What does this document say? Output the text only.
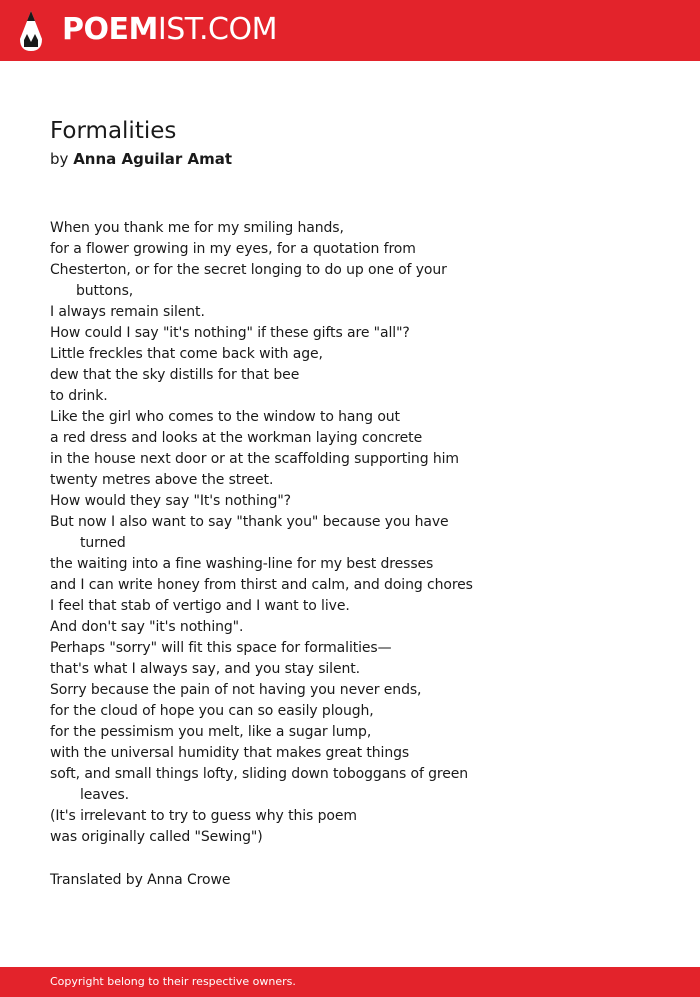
POEMIST.COM
Formalities
by Anna Aguilar Amat
When you thank me for my smiling hands,
for a flower growing in my eyes, for a quotation from
Chesterton, or for the secret longing to do up one of your
buttons,
I always remain silent.
How could I say "it's nothing" if these gifts are "all"?
Little freckles that come back with age,
dew that the sky distills for that bee
to drink.
Like the girl who comes to the window to hang out
a red dress and looks at the workman laying concrete
in the house next door or at the scaffolding supporting him
twenty metres above the street.
How would they say "It's nothing"?
But now I also want to say "thank you" because you have
turned
the waiting into a fine washing-line for my best dresses
and I can write honey from thirst and calm, and doing chores
I feel that stab of vertigo and I want to live.
And don't say "it's nothing".
Perhaps "sorry" will fit this space for formalities—
that's what I always say, and you stay silent.
Sorry because the pain of not having you never ends,
for the cloud of hope you can so easily plough,
for the pessimism you melt, like a sugar lump,
with the universal humidity that makes great things
soft, and small things lofty, sliding down toboggans of green
leaves.
(It's irrelevant to try to guess why this poem
was originally called "Sewing")
Translated by Anna Crowe
Copyright belong to their respective owners.
